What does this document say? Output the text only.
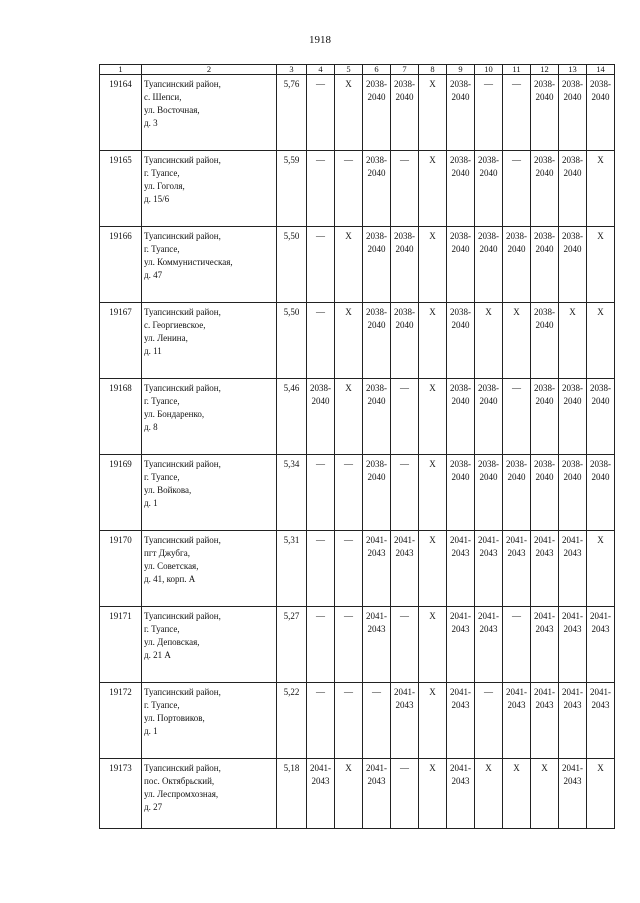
1918
1	2	3	4	5	6	7	8	9	10	11	12	13	14
19164	Туапсинский район,
с. Шепси,
ул. Восточная,
д. 3	5,76	—	Х	2038-2040	2038-2040	Х	2038-2040	—	—	2038-2040	2038-2040	2038-2040
19165	Туапсинский район,
г. Туапсе,
ул. Гоголя,
д. 15/6	5,59	—	—	2038-2040	—	Х	2038-2040	2038-2040	—	2038-2040	2038-2040	Х
19166	Туапсинский район,
г. Туапсе,
ул. Коммунистическая,
д. 47	5,50	—	Х	2038-2040	2038-2040	Х	2038-2040	2038-2040	2038-2040	2038-2040	2038-2040	Х
19167	Туапсинский район,
с. Георгиевское,
ул. Ленина,
д. 11	5,50	—	Х	2038-2040	2038-2040	Х	2038-2040	Х	Х	2038-2040	Х	Х
19168	Туапсинский район,
г. Туапсе,
ул. Бондаренко,
д. 8	5,46	2038-2040	Х	2038-2040	—	Х	2038-2040	2038-2040	—	2038-2040	2038-2040	2038-2040
19169	Туапсинский район,
г. Туапсе,
ул. Войкова,
д. 1	5,34	—	—	2038-2040	—	Х	2038-2040	2038-2040	2038-2040	2038-2040	2038-2040	2038-2040
19170	Туапсинский район,
пгт Джубга,
ул. Советская,
д. 41, корп. А	5,31	—	—	2041-2043	2041-2043	Х	2041-2043	2041-2043	2041-2043	2041-2043	2041-2043	Х
19171	Туапсинский район,
г. Туапсе,
ул. Деповская,
д. 21 А	5,27	—	—	2041-2043	—	Х	2041-2043	2041-2043	—	2041-2043	2041-2043	2041-2043
19172	Туапсинский район,
г. Туапсе,
ул. Портовиков,
д. 1	5,22	—	—	—	2041-2043	Х	2041-2043	—	2041-2043	2041-2043	2041-2043	2041-2043
19173	Туапсинский район,
пос. Октябрьский,
ул. Леспромхозная,
д. 27	5,18	2041-2043	Х	2041-2043	—	Х	2041-2043	Х	Х	Х	2041-2043	Х
